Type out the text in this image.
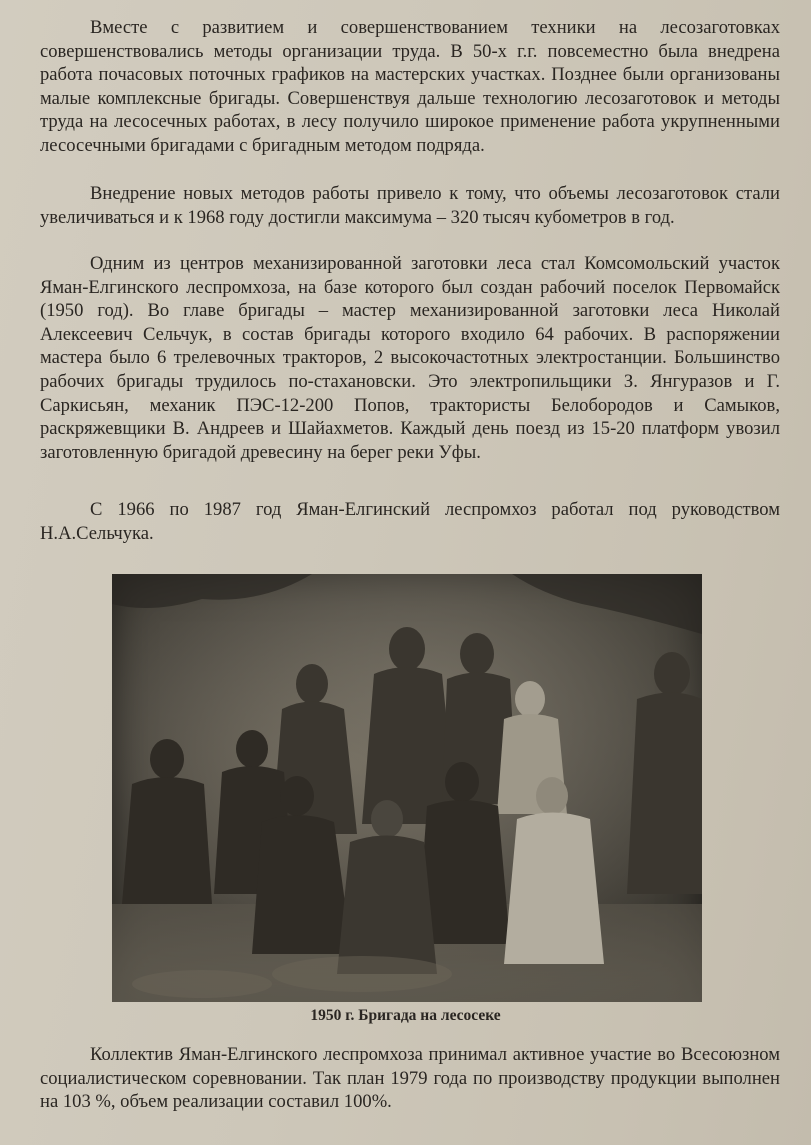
Вместе с развитием и совершенствованием техники на лесозаготовках совершенствовались методы организации труда. В 50-х г.г. повсеместно была внедрена работа почасовых поточных графиков на мастерских участках. Позднее были организованы малые комплексные бригады. Совершенствуя дальше технологию лесозаготовок и методы труда на лесосечных работах, в лесу получило широкое применение работа укрупненными лесосечными бригадами с бригадным методом подряда.

Внедрение новых методов работы привело к тому, что объемы лесозаготовок стали увеличиваться и к 1968 году достигли максимума – 320 тысяч кубометров в год.

Одним из центров механизированной заготовки леса стал Комсомольский участок Яман-Елгинского леспромхоза, на базе которого был создан рабочий поселок Первомайск (1950 год). Во главе бригады – мастер механизированной заготовки леса Николай Алексеевич Сельчук, в состав бригады которого входило 64 рабочих. В распоряжении мастера было 6 трелевочных тракторов, 2 высокочастотных электростанции. Большинство рабочих бригады трудилось по-стахановски. Это электропильщики З. Янгуразов и Г. Саркисьян, механик ПЭС-12-200 Попов, трактористы Белобородов и Самыков, раскряжевщики В. Андреев и Шайахметов. Каждый день поезд из 15-20 платформ увозил заготовленную бригадой древесину на берег реки Уфы.

С 1966 по 1987 год Яман-Елгинский леспромхоз работал под руководством Н.А.Сельчука.

1950 г. Бригада на лесосеке

Коллектив Яман-Елгинского леспромхоза принимал активное участие во Всесоюзном социалистическом соревновании. Так план 1979 года по производству продукции выполнен на 103 %, объем реализации составил 100%.
